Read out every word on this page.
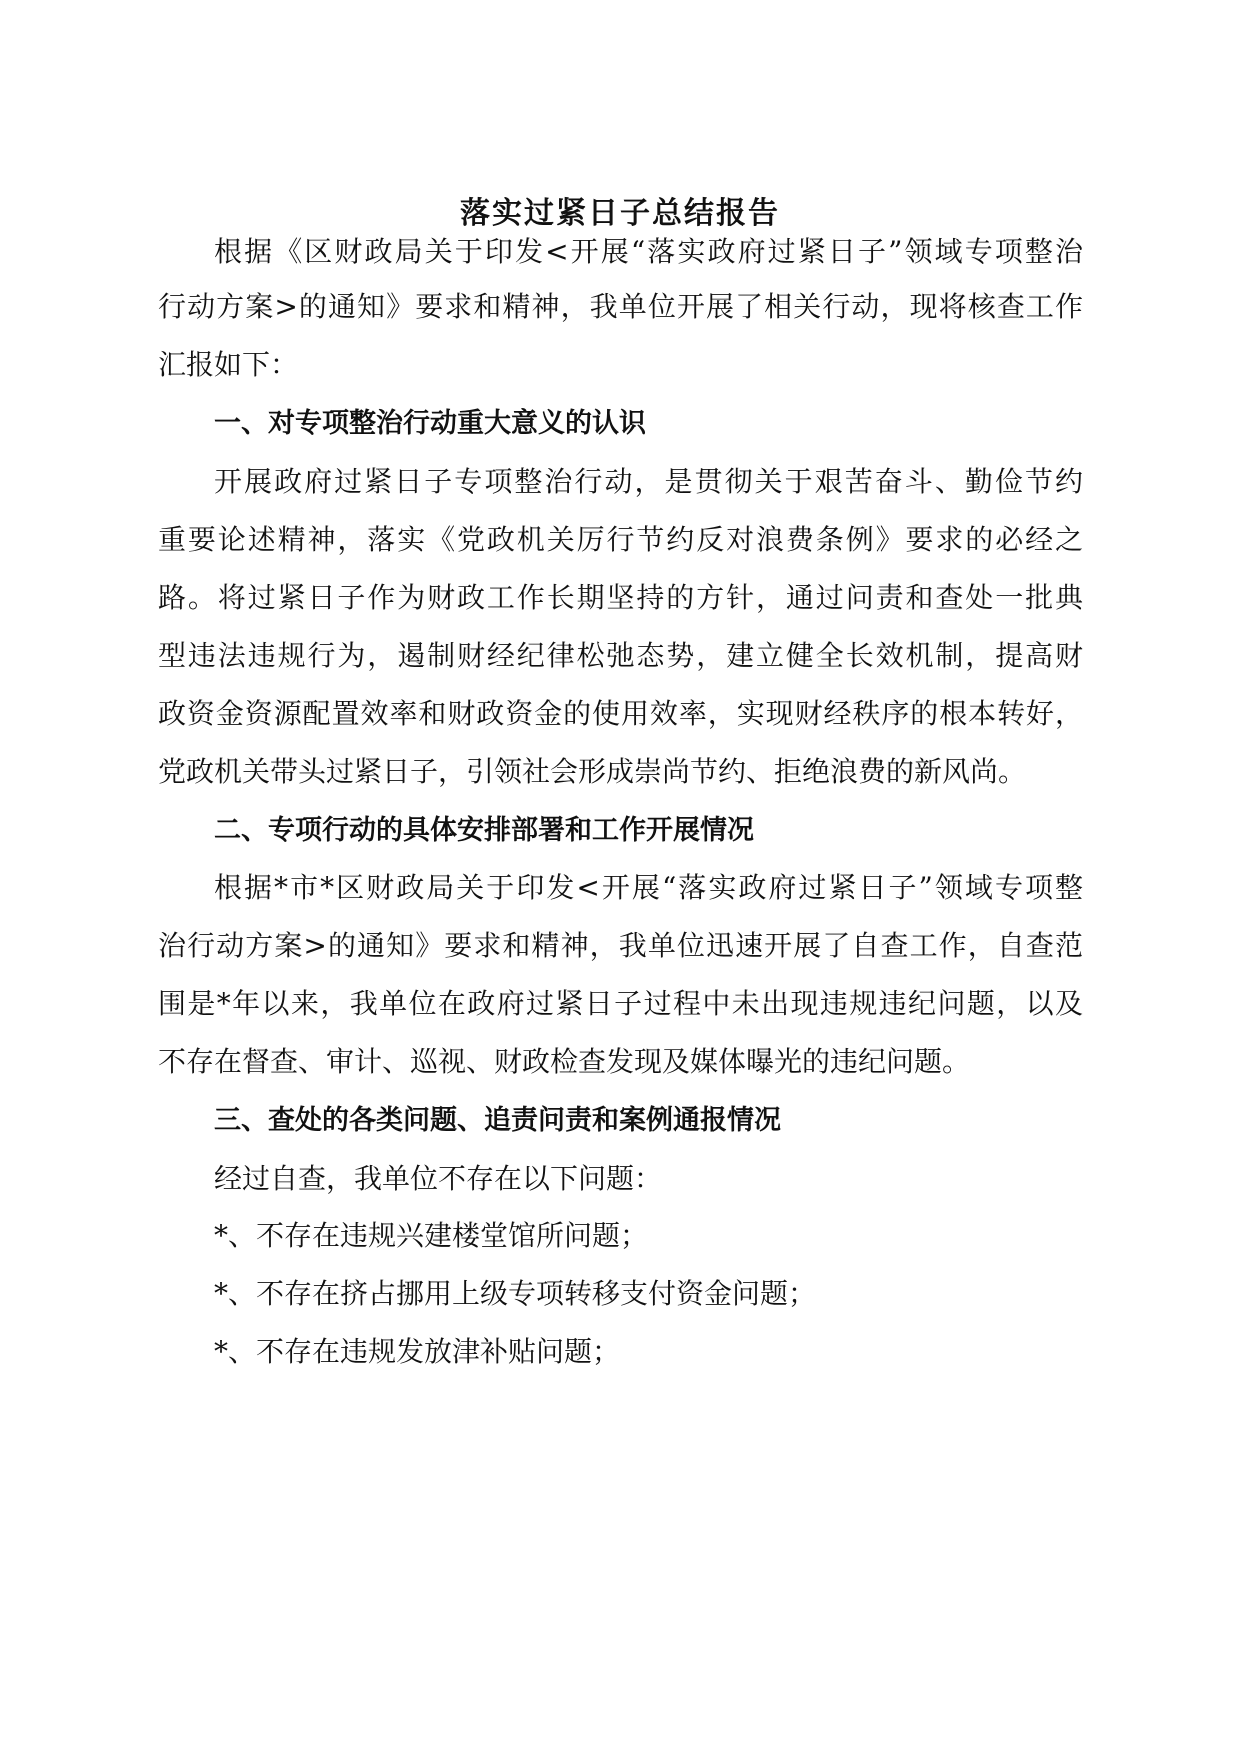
落实过紧日子总结报告

根据《区财政局关于印发<开展“落实政府过紧日子”领域专项整治

行动方案>的通知》要求和精神，我单位开展了相关行动，现将核查工作

汇报如下：

一、对专项整治行动重大意义的认识

开展政府过紧日子专项整治行动，是贯彻关于艰苦奋斗、勤俭节约

重要论述精神，落实《党政机关厉行节约反对浪费条例》要求的必经之

路。将过紧日子作为财政工作长期坚持的方针，通过问责和查处一批典

型违法违规行为，遏制财经纪律松弛态势，建立健全长效机制，提高财

政资金资源配置效率和财政资金的使用效率，实现财经秩序的根本转好，

党政机关带头过紧日子，引领社会形成崇尚节约、拒绝浪费的新风尚。

二、专项行动的具体安排部署和工作开展情况

根据*市*区财政局关于印发<开展“落实政府过紧日子”领域专项整

治行动方案>的通知》要求和精神，我单位迅速开展了自查工作，自查范

围是*年以来，我单位在政府过紧日子过程中未出现违规违纪问题，以及

不存在督查、审计、巡视、财政检查发现及媒体曝光的违纪问题。

三、查处的各类问题、追责问责和案例通报情况

经过自查，我单位不存在以下问题：

*、不存在违规兴建楼堂馆所问题；

*、不存在挤占挪用上级专项转移支付资金问题；

*、不存在违规发放津补贴问题；
